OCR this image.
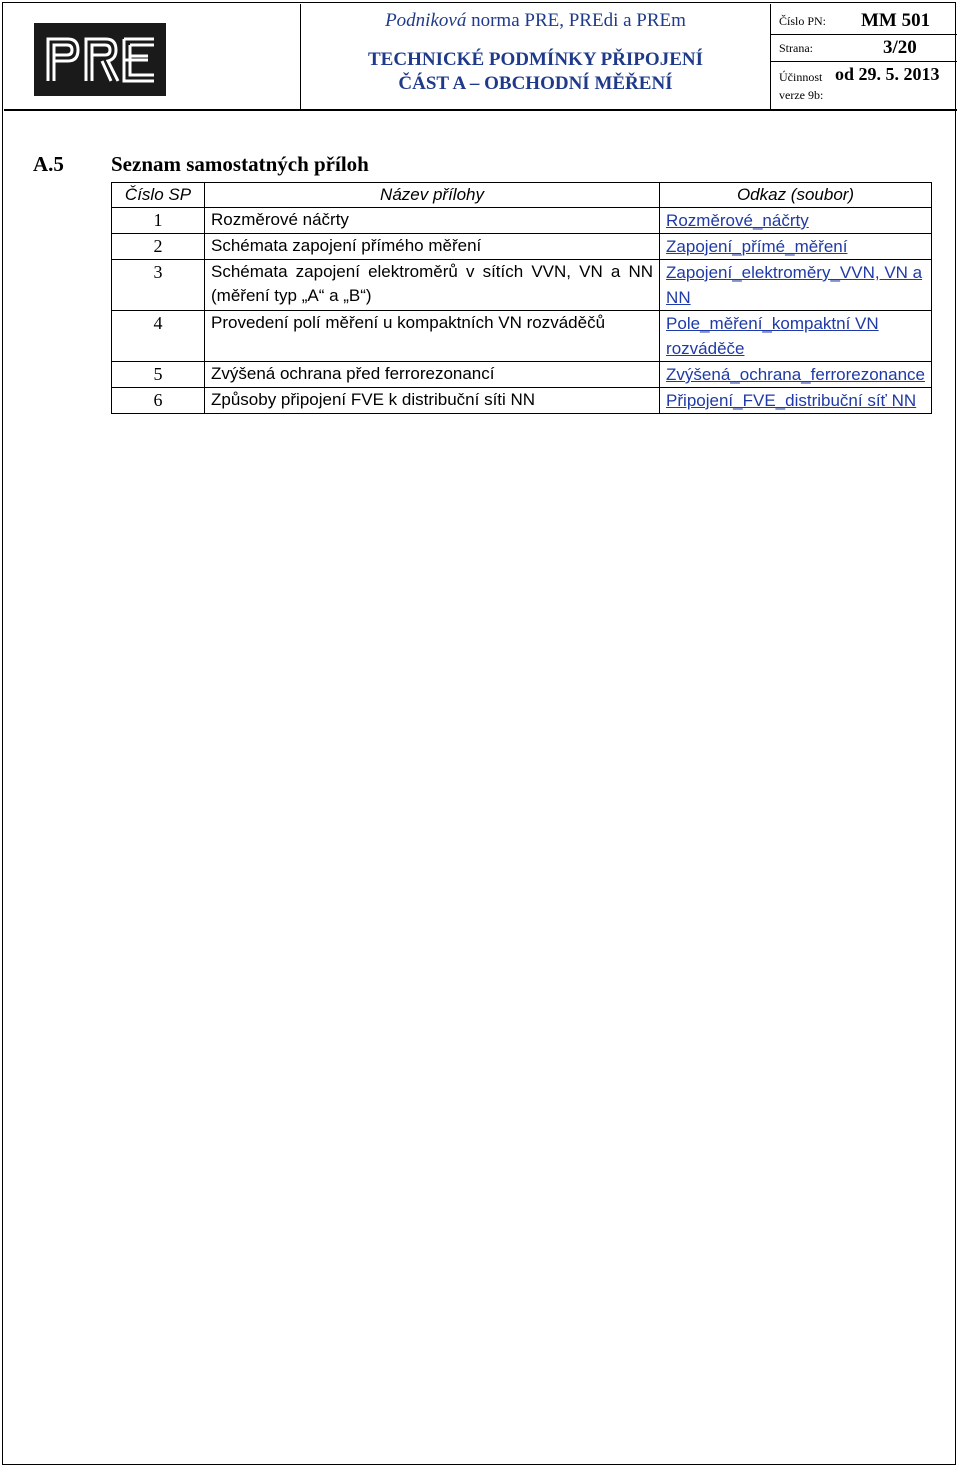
Podniková norma PRE, PREdi a PREm
TECHNICKÉ PODMÍNKY PŘIPOJENÍ
ČÁST A – OBCHODNÍ MĚŘENÍ
Číslo PN: MM 501
Strana:	3/20
Účinnost od 29. 5. 2013
verze 9b:
A.5 Seznam samostatných příloh
Číslo SP	Název přílohy	Odkaz (soubor)
1	Rozměrové náčrty	Rozměrové_náčrty
2	Schémata zapojení přímého měření	Zapojení_přímé_měření
3	Schémata zapojení elektroměrů v sítích VVN, VN a NN (měření typ „A“ a „B“)	Zapojení_elektroměry_VVN, VN a NN
4	Provedení polí měření u kompaktních VN rozváděčů	Pole_měření_kompaktní VN rozváděče
5	Zvýšená ochrana před ferrorezonancí	Zvýšená_ochrana_ferrorezonance
6	Způsoby připojení FVE k distribuční síti NN	Připojení_FVE_distribuční síť NN
